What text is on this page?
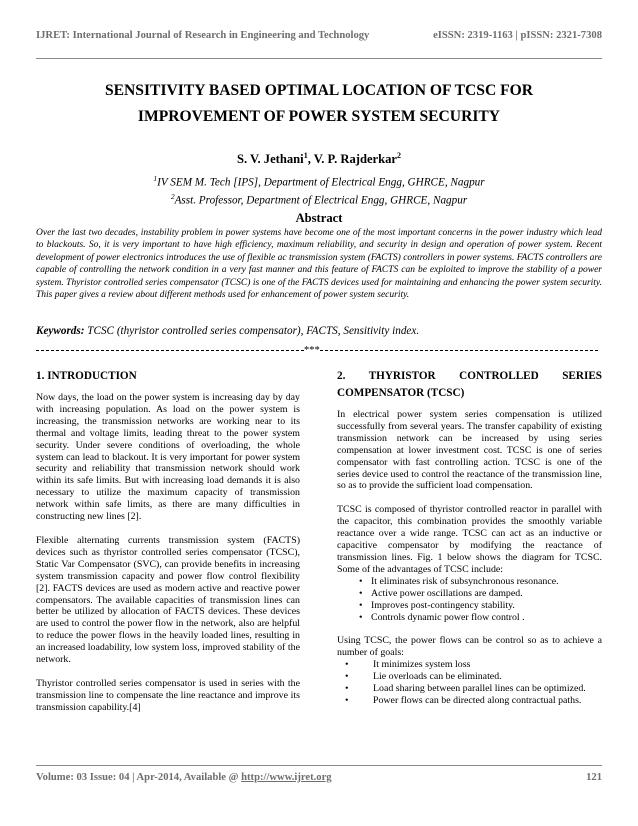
IJRET: International Journal of Research in Engineering and Technology	eISSN: 2319-1163 | pISSN: 2321-7308
SENSITIVITY BASED OPTIMAL LOCATION OF TCSC FOR
IMPROVEMENT OF POWER SYSTEM SECURITY
S. V. Jethani$^1$, V. P. Rajderkar$^2$
$^1$IV SEM M. Tech [IPS], Department of Electrical Engg, GHRCE, Nagpur
$^2$Asst. Professor, Department of Electrical Engg, GHRCE, Nagpur
Abstract
Over the last two decades, instability problem in power systems have become one of the most important concerns in the power industry which lead to blackouts. So, it is very important to have high efficiency, maximum reliability, and security in design and operation of power system. Recent development of power electronics introduces the use of flexible ac transmission system (FACTS) controllers in power systems. FACTS controllers are capable of controlling the network condition in a very fast manner and this feature of FACTS can be exploited to improve the stability of a power system. Thyristor controlled series compensator (TCSC) is one of the FACTS devices used for maintaining and enhancing the power system security. This paper gives a review about different methods used for enhancement of power system security.
Keywords: TCSC (thyristor controlled series compensator), FACTS, Sensitivity index.
***
1. INTRODUCTION

Now days, the load on the power system is increasing day by day with increasing population. As load on the power system is increasing, the transmission networks are working near to its thermal and voltage limits, leading threat to the power system security. Under severe conditions of overloading, the whole system can lead to blackout. It is very important for power system security and reliability that transmission network should work within its safe limits. But with increasing load demands it is also necessary to utilize the maximum capacity of transmission network within safe limits, as there are many difficulties in constructing new lines [2].

Flexible alternating currents transmission system (FACTS) devices such as thyristor controlled series compensator (TCSC), Static Var Compensator (SVC), can provide benefits in increasing system transmission capacity and power flow control flexibility [2]. FACTS devices are used as modern active and reactive power compensators. The available capacities of transmission lines can better be utilized by allocation of FACTS devices. These devices are used to control the power flow in the network, also are helpful to reduce the power flows in the heavily loaded lines, resulting in an increased loadability, low system loss, improved stability of the network.

Thyristor controlled series compensator is used in series with the transmission line to compensate the line reactance and improve its transmission capability.[4]

2. THYRISTOR CONTROLLED SERIES
COMPENSATOR (TCSC)

In electrical power system series compensation is utilized successfully from several years. The transfer capability of existing transmission network can be increased by using series compensation at lower investment cost. TCSC is one of series compensator with fast controlling action. TCSC is one of the series device used to control the reactance of the transmission line, so as to provide the sufficient load compensation.

TCSC is composed of thyristor controlled reactor in parallel with the capacitor, this combination provides the smoothly variable reactance over a wide range. TCSC can act as an inductive or capacitive compensator by modifying the reactance of transmission lines. Fig. 1 below shows the diagram for TCSC. Some of the advantages of TCSC include:

• It eliminates risk of subsynchronous resonance.
• Active power oscillations are damped.
• Improves post-contingency stability.
• Controls dynamic power flow control .

Using TCSC, the power flows can be control so as to achieve a number of goals:

• It minimizes system loss
• Lie overloads can be eliminated.
• Load sharing between parallel lines can be optimized.
• Power flows can be directed along contractual paths.
Volume: 03 Issue: 04 | Apr-2014, Available @ http://www.ijret.org	121
